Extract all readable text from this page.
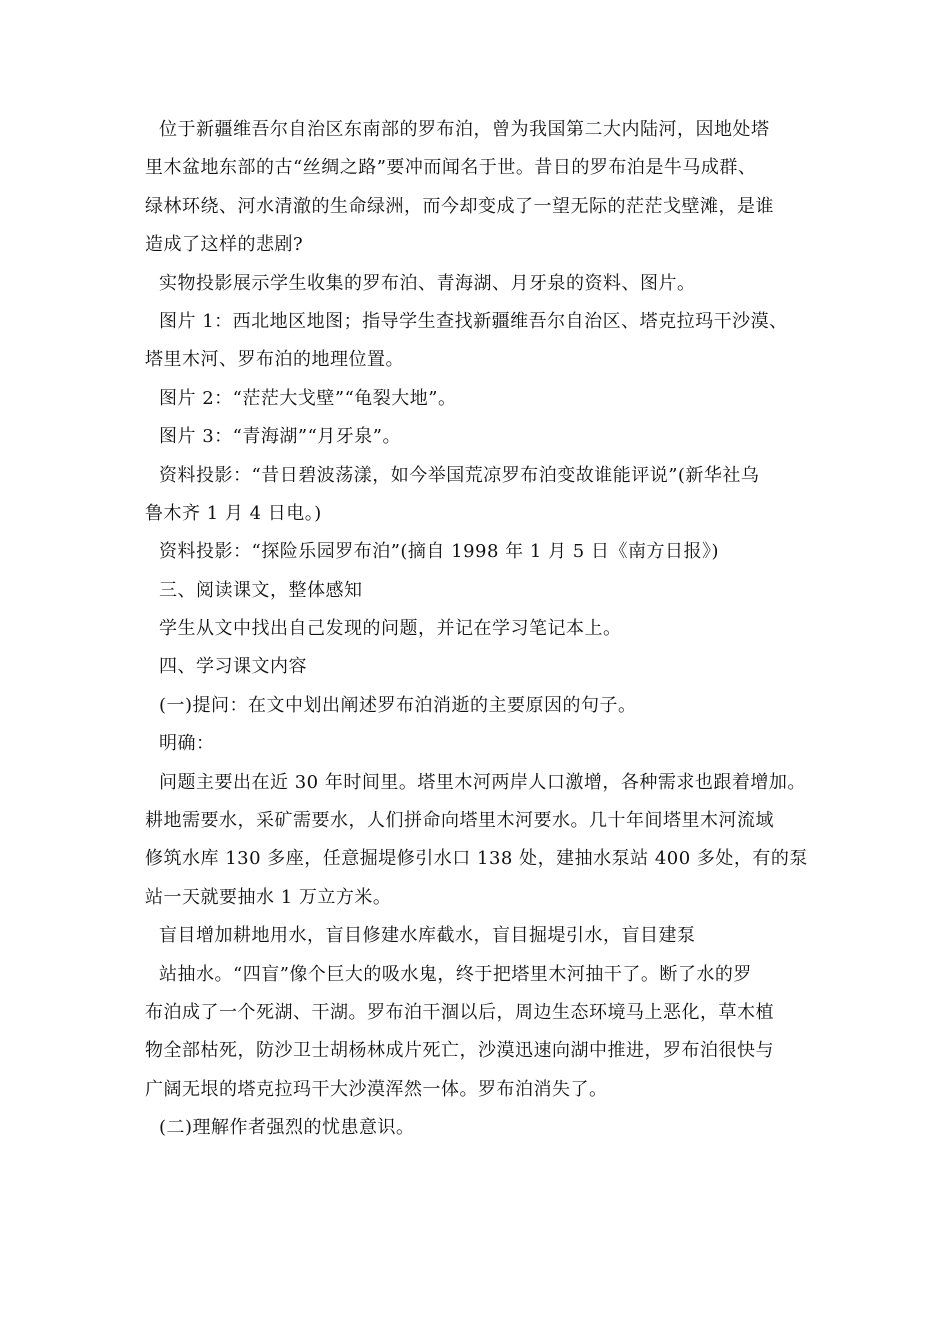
位于新疆维吾尔自治区东南部的罗布泊，曾为我国第二大内陆河，因地处塔
里木盆地东部的古“丝绸之路”要冲而闻名于世。昔日的罗布泊是牛马成群、
绿林环绕、河水清澈的生命绿洲，而今却变成了一望无际的茫茫戈壁滩，是谁
造成了这样的悲剧?
实物投影展示学生收集的罗布泊、青海湖、月牙泉的资料、图片。
图片 1：西北地区地图；指导学生查找新疆维吾尔自治区、塔克拉玛干沙漠、
塔里木河、罗布泊的地理位置。
图片 2：“茫茫大戈壁”“龟裂大地”。
图片 3：“青海湖”“月牙泉”。
资料投影：“昔日碧波荡漾，如今举国荒凉罗布泊变故谁能评说”(新华社乌
鲁木齐 1 月 4 日电。)
资料投影：“探险乐园罗布泊”(摘自 1998 年 1 月 5 日《南方日报》)
三、阅读课文，整体感知
学生从文中找出自己发现的问题，并记在学习笔记本上。
四、学习课文内容
(一)提问：在文中划出阐述罗布泊消逝的主要原因的句子。
明确：
问题主要出在近 30 年时间里。塔里木河两岸人口激增，各种需求也跟着增加。
耕地需要水，采矿需要水，人们拼命向塔里木河要水。几十年间塔里木河流域
修筑水库 130 多座，任意掘堤修引水口 138 处，建抽水泵站 400 多处，有的泵
站一天就要抽水 1 万立方米。
盲目增加耕地用水，盲目修建水库截水，盲目掘堤引水，盲目建泵
站抽水。“四盲”像个巨大的吸水鬼，终于把塔里木河抽干了。断了水的罗
布泊成了一个死湖、干湖。罗布泊干涸以后，周边生态环境马上恶化，草木植
物全部枯死，防沙卫士胡杨林成片死亡，沙漠迅速向湖中推进，罗布泊很快与
广阔无垠的塔克拉玛干大沙漠浑然一体。罗布泊消失了。
(二)理解作者强烈的忧患意识。
